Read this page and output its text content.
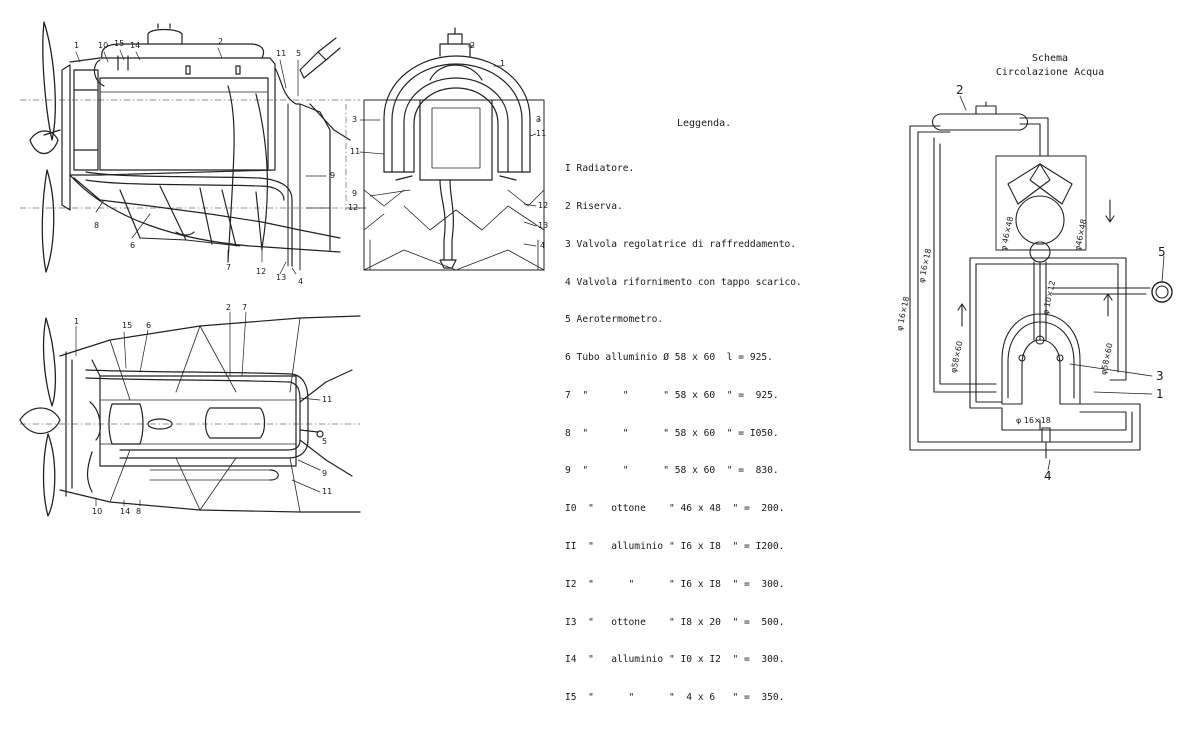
Leggenda.

I Radiatore.

2 Riserva.

3 Valvola regolatrice di raffreddamento.

4 Valvola rifornimento con tappo scarico.

5 Aerotermometro.

6 Tubo alluminio Ø 58 x 60  l = 925.

7  "      "      " 58 x 60  " =  925.

8  "      "      " 58 x 60  " = I050.

9  "      "      " 58 x 60  " =  830.

I0  "   ottone    " 46 x 48  " =  200.

II  "   alluminio " I6 x I8  " = I200.

I2  "      "      " I6 x I8  " =  300.

I3  "   ottone    " I8 x 20  " =  500.

I4  "   alluminio " I0 x I2  " =  300.

I5  "      "      "  4 x 6   " =  350.

Schema
Circolazione Acqua
2
5
3
1
4
φ 16×18
φ 16×18
φ 46×48	φ46×48
φ 10×12
φ58×60	φ58×60
φ 16×18
1 10 15 14	2
11 5
9
8
6
7	12
13 4
2
1
3	3
11
11
9
12	12
13
4
1	15 6
2 7
11
5
9
11
10 14 8
